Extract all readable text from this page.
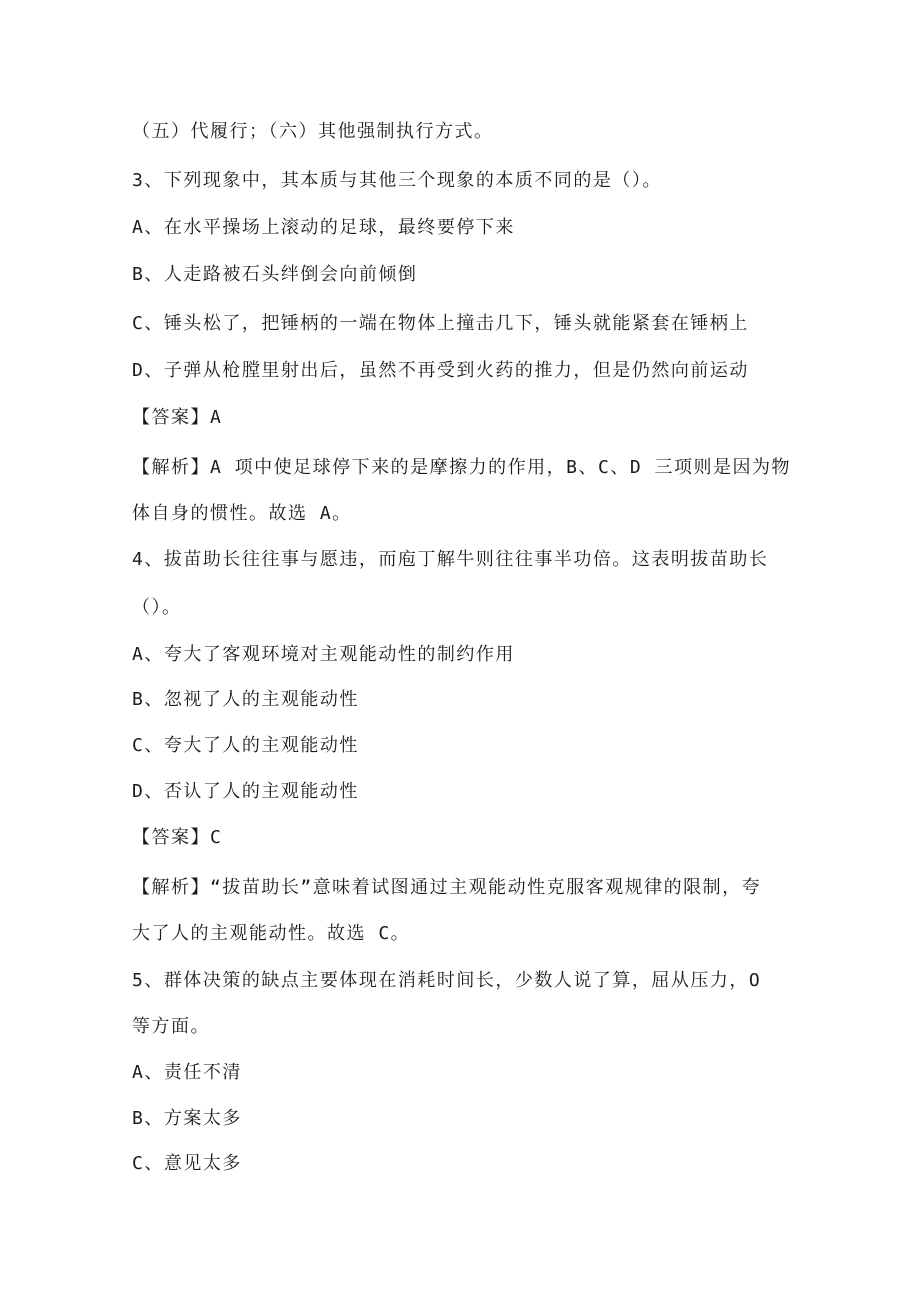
（五）代履行；（六）其他强制执行方式。
3、下列现象中，其本质与其他三个现象的本质不同的是（）。
A、在水平操场上滚动的足球，最终要停下来
B、人走路被石头绊倒会向前倾倒
C、锤头松了，把锤柄的一端在物体上撞击几下，锤头就能紧套在锤柄上
D、子弹从枪膛里射出后，虽然不再受到火药的推力，但是仍然向前运动
【答案】A
【解析】A 项中使足球停下来的是摩擦力的作用，B、C、D 三项则是因为物
体自身的惯性。故选 A。
4、拔苗助长往往事与愿违，而庖丁解牛则往往事半功倍。这表明拔苗助长
（）。
A、夸大了客观环境对主观能动性的制约作用
B、忽视了人的主观能动性
C、夸大了人的主观能动性
D、否认了人的主观能动性
【答案】C
【解析】“拔苗助长”意味着试图通过主观能动性克服客观规律的限制，夸
大了人的主观能动性。故选 C。
5、群体决策的缺点主要体现在消耗时间长，少数人说了算，屈从压力，O
等方面。
A、责任不清
B、方案太多
C、意见太多
